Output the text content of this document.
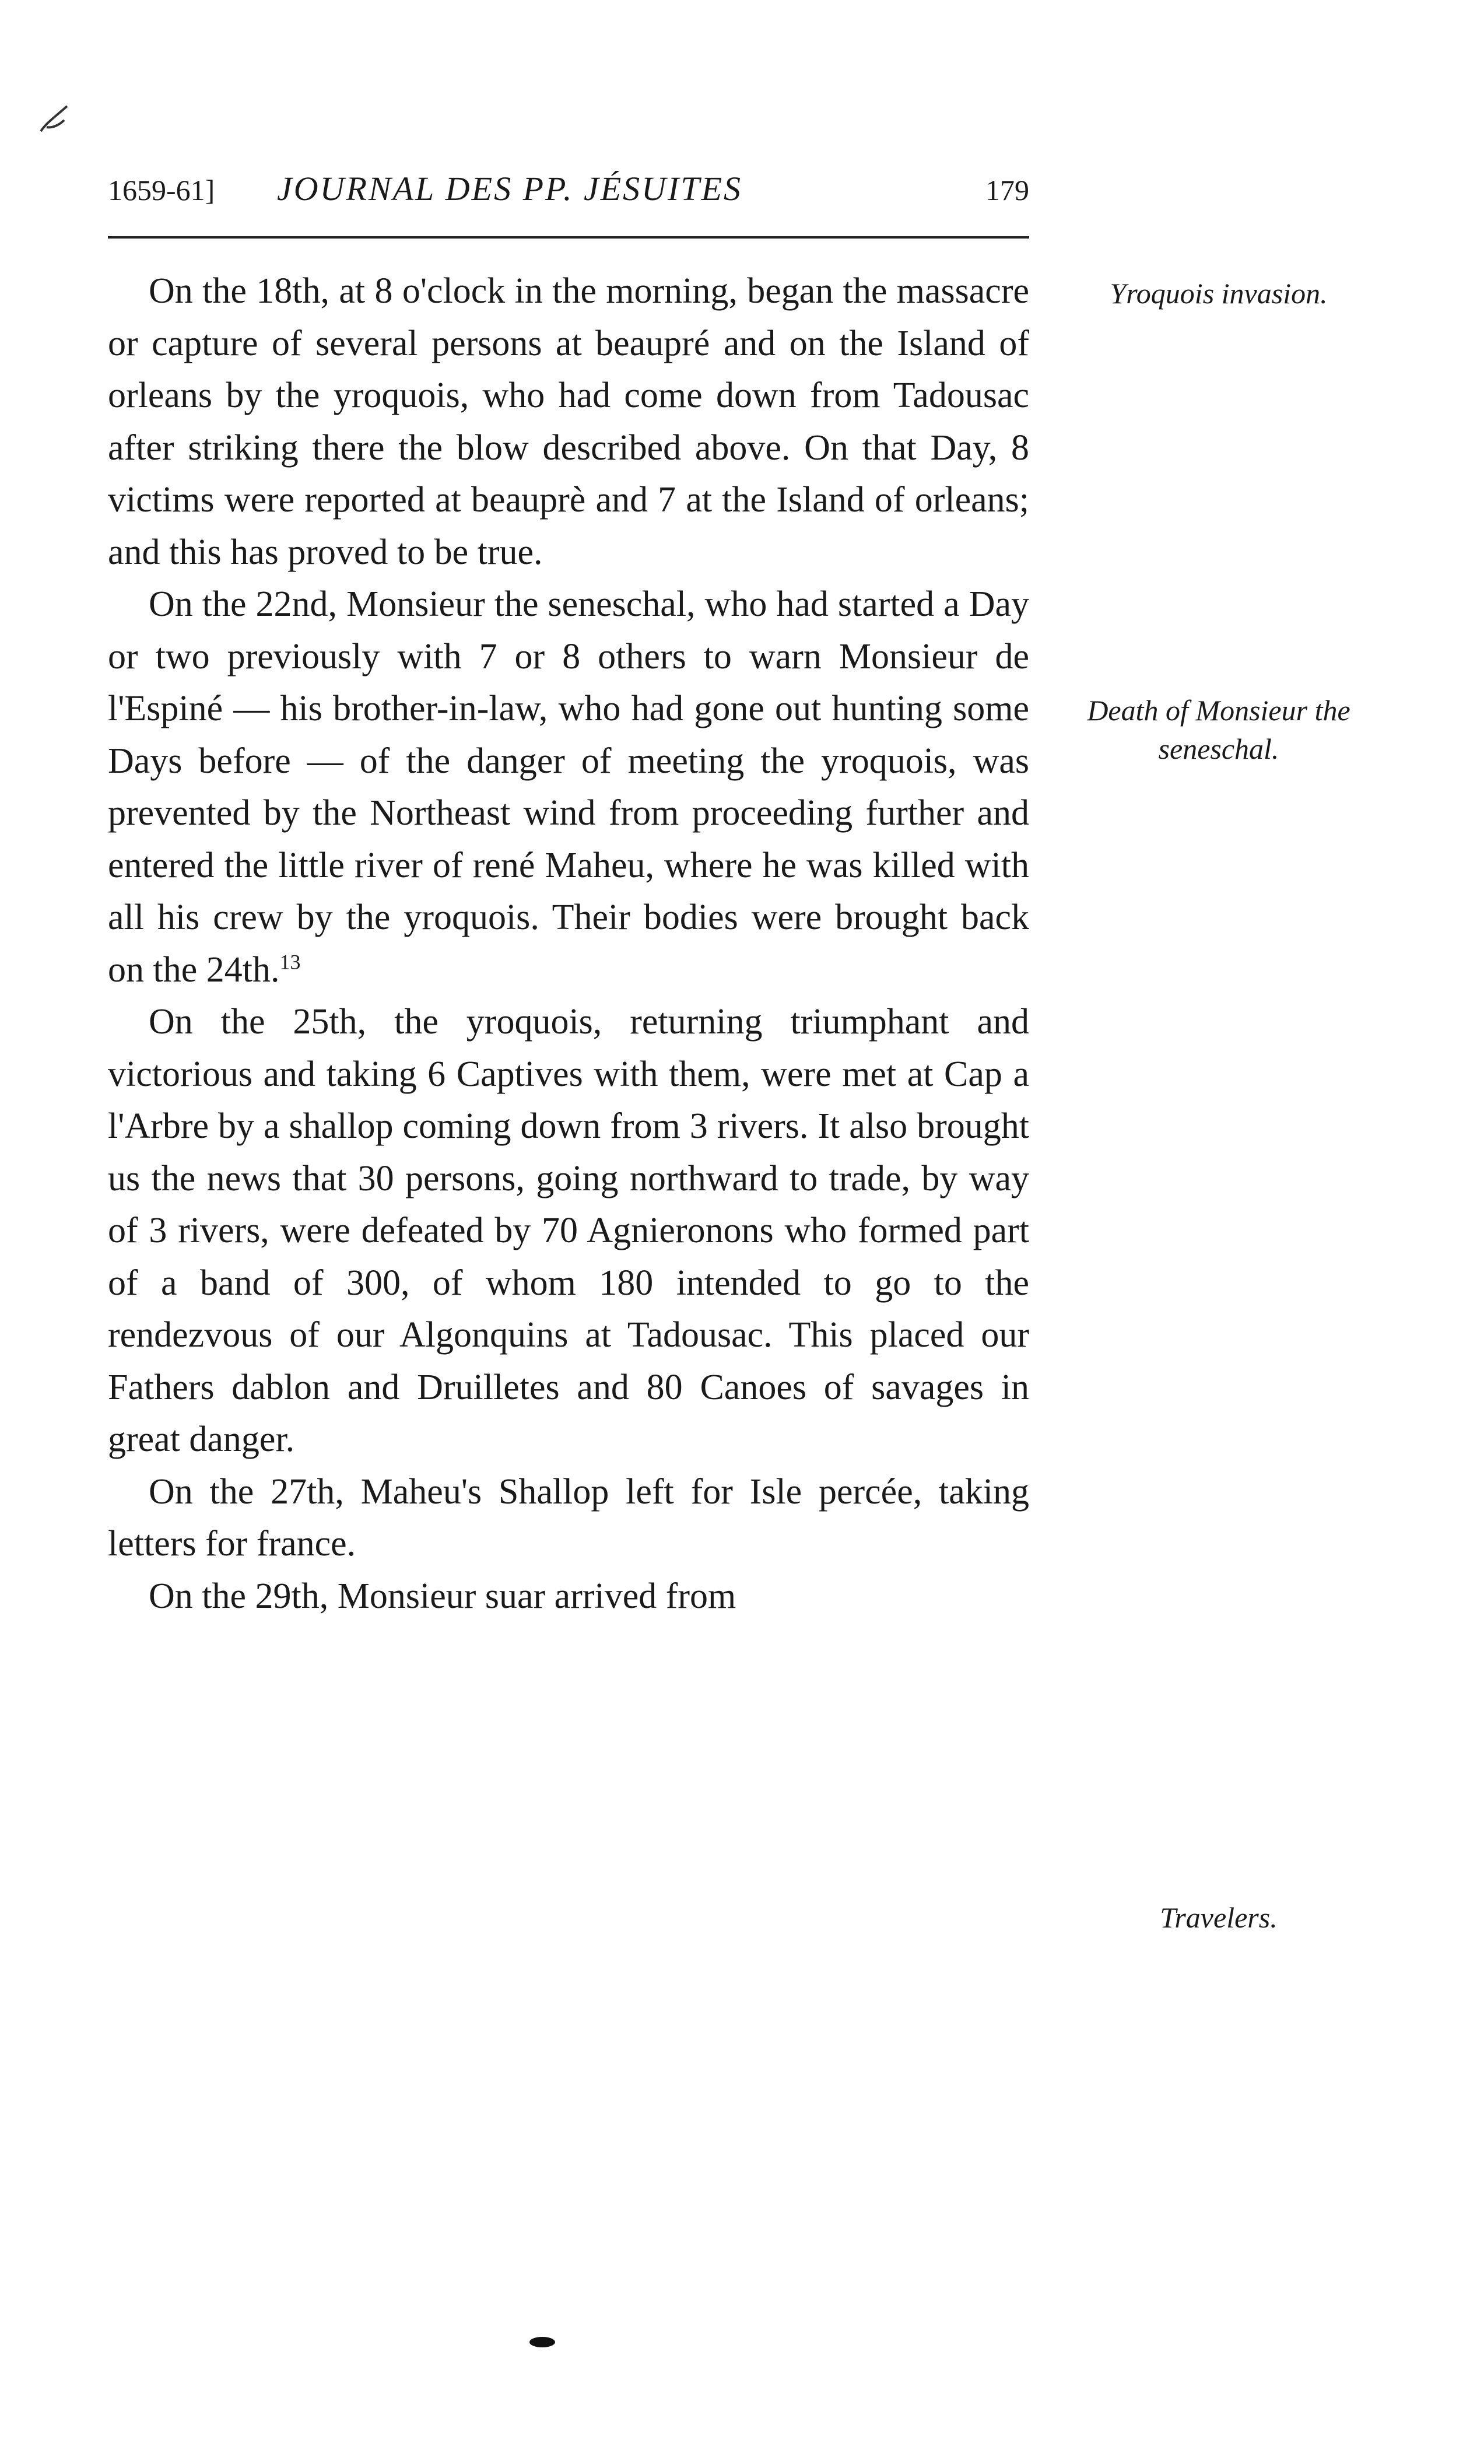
1659-61]	JOURNAL DES PP. JÉSUITES	179

On the 18th, at 8 o'clock in the morning, began the massacre or capture of several persons at beaupré and on the Island of orleans by the yroquois, who had come down from Tadousac after striking there the blow described above. On that Day, 8 victims were reported at beauprè and 7 at the Island of orleans; and this has proved to be true.

On the 22nd, Monsieur the seneschal, who had started a Day or two previously with 7 or 8 others to warn Monsieur de l'Espiné — his brother-in-law, who had gone out hunting some Days before — of the danger of meeting the yroquois, was prevented by the Northeast wind from proceeding further and entered the little river of rené Maheu, where he was killed with all his crew by the yroquois. Their bodies were brought back on the 24th.$^{13}$

On the 25th, the yroquois, returning triumphant and victorious and taking 6 Captives with them, were met at Cap a l'Arbre by a shallop coming down from 3 rivers. It also brought us the news that 30 persons, going northward to trade, by way of 3 rivers, were defeated by 70 Agnieronons who formed part of a band of 300, of whom 180 intended to go to the rendezvous of our Algonquins at Tadousac. This placed our Fathers dablon and Druilletes and 80 Canoes of savages in great danger.

On the 27th, Maheu's Shallop left for Isle percée, taking letters for france.

On the 29th, Monsieur suar arrived from

Yroquois invasion.
Death of Monsieur the seneschal.
Travelers.
